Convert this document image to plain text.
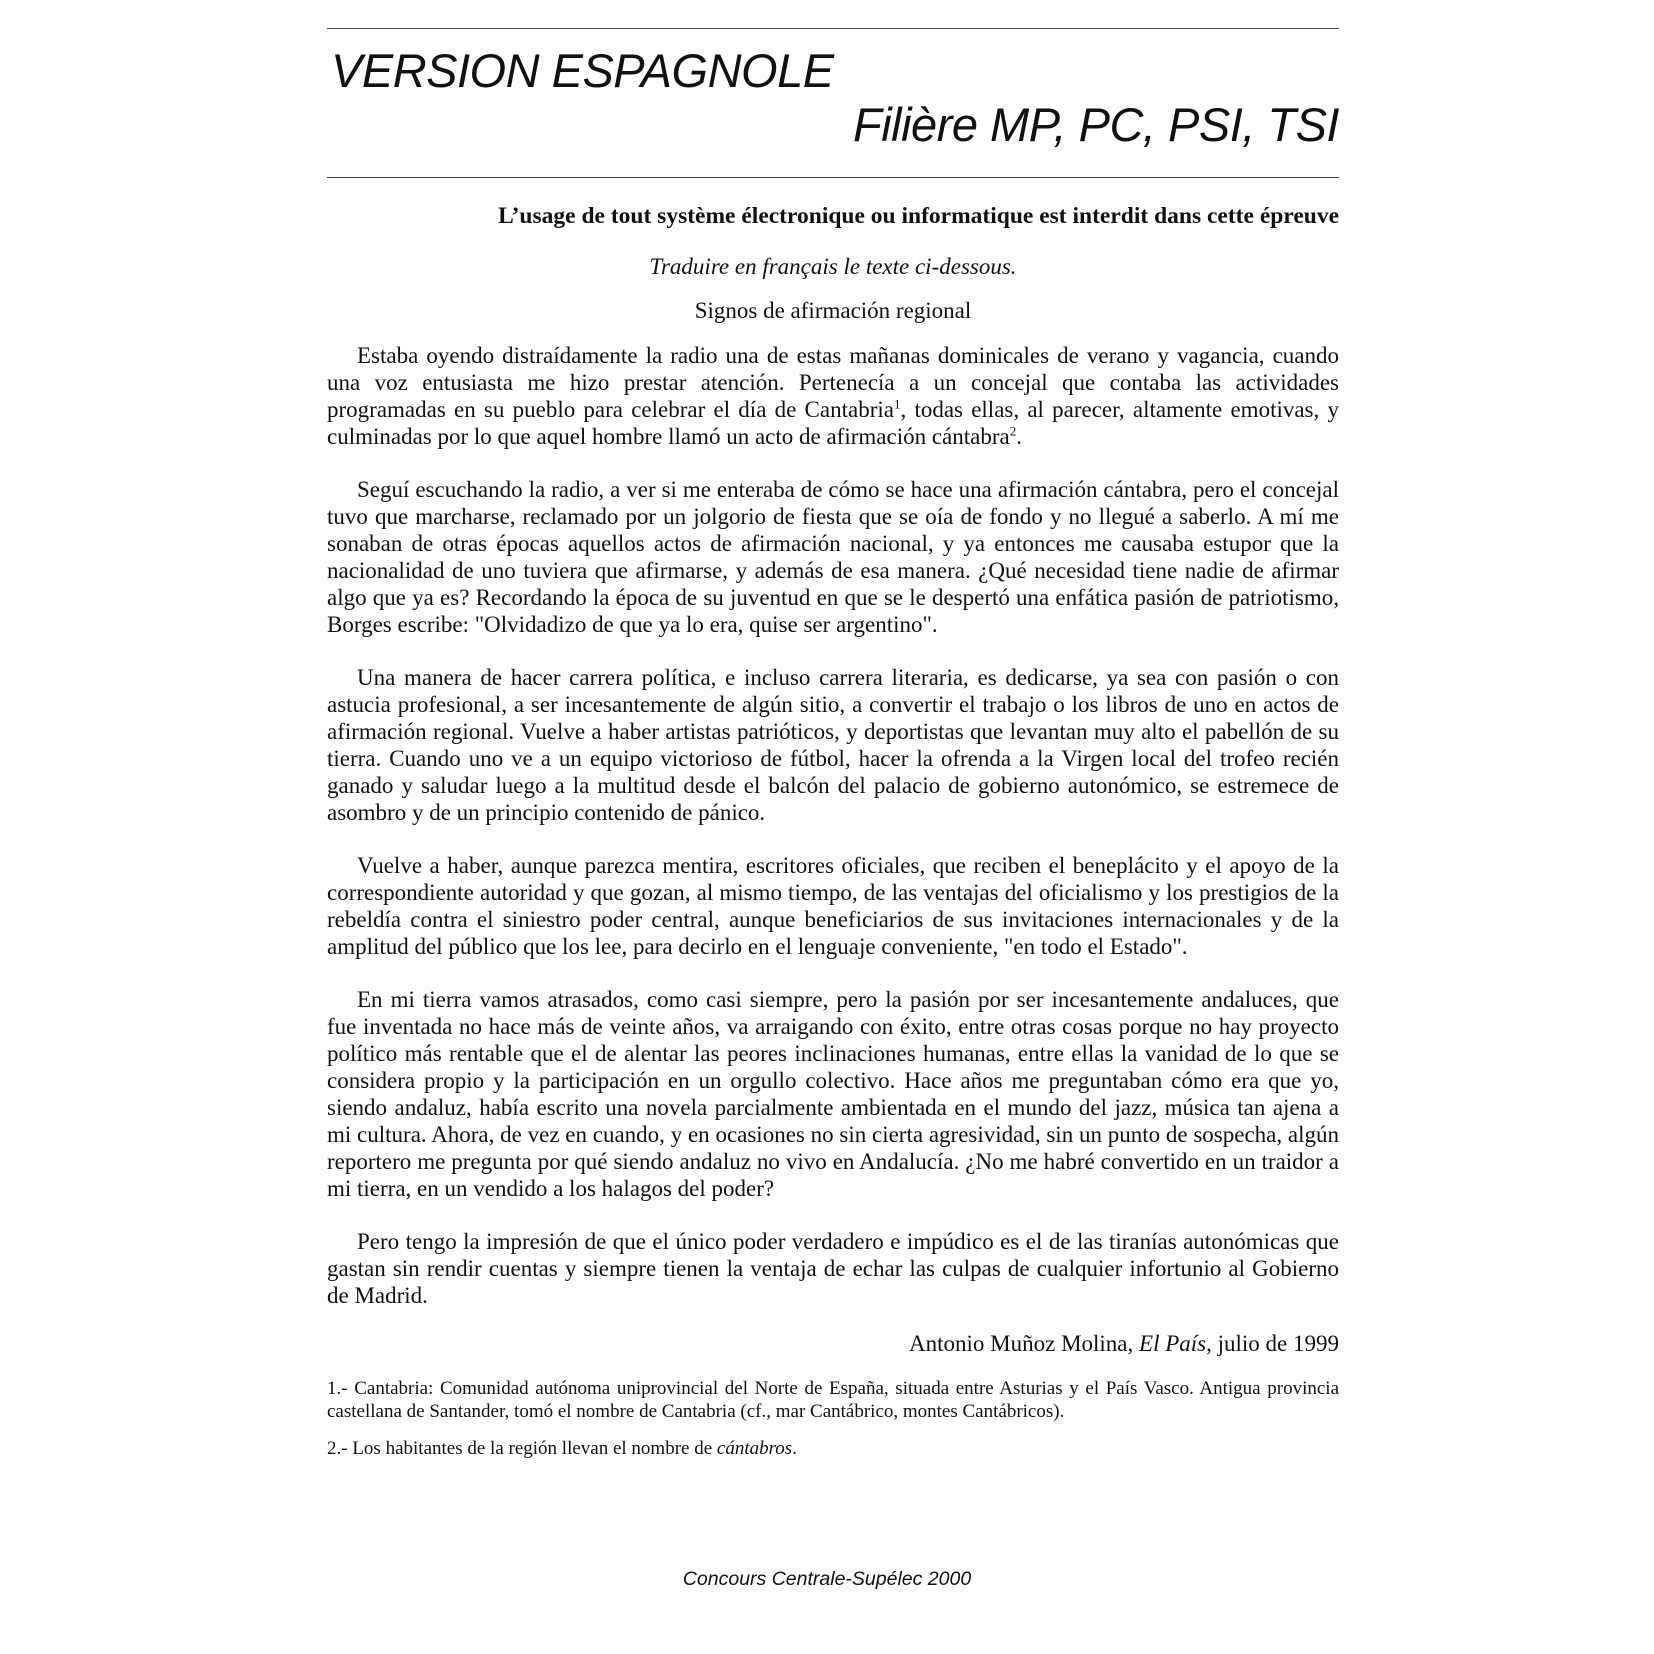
VERSION ESPAGNOLE
Filière MP, PC, PSI, TSI
L’usage de tout système électronique ou informatique est interdit dans cette épreuve
Traduire en français le texte ci-dessous.
Signos de afirmación regional

Estaba oyendo distraídamente la radio una de estas mañanas dominicales de verano y vagancia, cuando una voz entusiasta me hizo prestar atención. Pertenecía a un concejal que contaba las actividades programadas en su pueblo para celebrar el día de Cantabria$^1$, todas ellas, al parecer, altamente emotivas, y culminadas por lo que aquel hombre llamó un acto de afirmación cántabra$^2$.

Seguí escuchando la radio, a ver si me enteraba de cómo se hace una afirmación cántabra, pero el concejal tuvo que marcharse, reclamado por un jolgorio de fiesta que se oía de fondo y no llegué a saberlo. A mí me sonaban de otras épocas aquellos actos de afirmación nacional, y ya entonces me causaba estupor que la nacionalidad de uno tuviera que afirmarse, y además de esa manera. ¿Qué necesidad tiene nadie de afirmar algo que ya es? Recordando la época de su juventud en que se le despertó una enfática pasión de patriotismo, Borges escribe: "Olvidadizo de que ya lo era, quise ser argentino".

Una manera de hacer carrera política, e incluso carrera literaria, es dedicarse, ya sea con pasión o con astucia profesional, a ser incesantemente de algún sitio, a convertir el trabajo o los libros de uno en actos de afirmación regional. Vuelve a haber artistas patrióticos, y deportistas que levantan muy alto el pabellón de su tierra. Cuando uno ve a un equipo victorioso de fútbol, hacer la ofrenda a la Virgen local del trofeo recién ganado y saludar luego a la multitud desde el balcón del palacio de gobierno autonómico, se estremece de asombro y de un principio contenido de pánico.

Vuelve a haber, aunque parezca mentira, escritores oficiales, que reciben el beneplácito y el apoyo de la correspondiente autoridad y que gozan, al mismo tiempo, de las ventajas del oficialismo y los prestigios de la rebeldía contra el siniestro poder central, aunque beneficiarios de sus invitaciones internacionales y de la amplitud del público que los lee, para decirlo en el lenguaje conveniente, "en todo el Estado".

En mi tierra vamos atrasados, como casi siempre, pero la pasión por ser incesantemente andaluces, que fue inventada no hace más de veinte años, va arraigando con éxito, entre otras cosas porque no hay proyecto político más rentable que el de alentar las peores inclinaciones humanas, entre ellas la vanidad de lo que se considera propio y la participación en un orgullo colectivo. Hace años me preguntaban cómo era que yo, siendo andaluz, había escrito una novela parcialmente ambientada en el mundo del jazz, música tan ajena a mi cultura. Ahora, de vez en cuando, y en ocasiones no sin cierta agresividad, sin un punto de sospecha, algún reportero me pregunta por qué siendo andaluz no vivo en Andalucía. ¿No me habré convertido en un traidor a mi tierra, en un vendido a los halagos del poder?

Pero tengo la impresión de que el único poder verdadero e impúdico es el de las tiranías autonómicas que gastan sin rendir cuentas y siempre tienen la ventaja de echar las culpas de cualquier infortunio al Gobierno de Madrid.

Antonio Muñoz Molina, El País, julio de 1999

1.- Cantabria: Comunidad autónoma uniprovincial del Norte de España, situada entre Asturias y el País Vasco. Antigua provincia castellana de Santander, tomó el nombre de Cantabria (cf., mar Cantábrico, montes Cantábricos).

2.- Los habitantes de la región llevan el nombre de cántabros.

Concours Centrale-Supélec 2000
